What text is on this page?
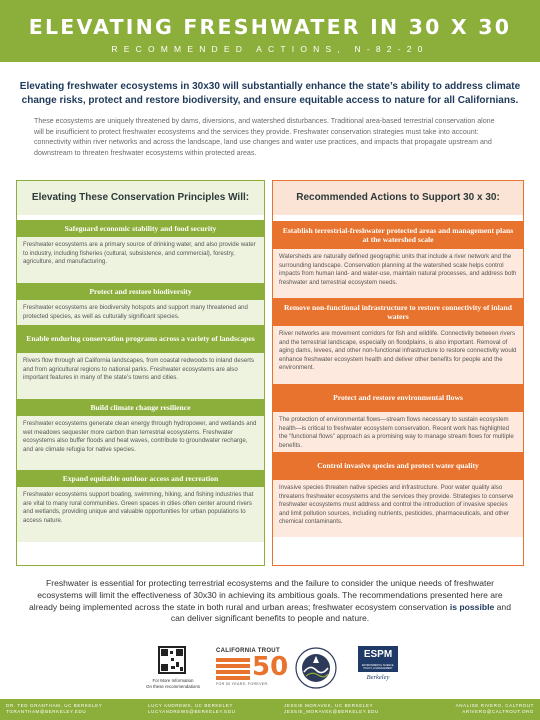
ELEVATING FRESHWATER IN 30 X 30
RECOMMENDED ACTIONS, N-82-20

Elevating freshwater ecosystems in 30x30 will substantially enhance the state’s ability to address climate change risks, protect and restore biodiversity, and ensure equitable access to nature for all Californians.

These ecosystems are uniquely threatened by dams, diversions, and watershed disturbances. Traditional area-based terrestrial conservation alone will be insufficient to protect freshwater ecosystems and the services they provide. Freshwater conservation strategies must take into account: connectivity within river networks and across the landscape, land use changes and water use practices, and impacts that propagate upstream and downstream to threaten freshwater ecosystems within protected areas.

Elevating These Conservation Principles Will:
Safeguard economic stability and food security
Freshwater ecosystems are a primary source of drinking water, and also provide water to industry, including fisheries (cultural, subsistence, and commercial), forestry, agriculture, and manufacturing.
Protect and restore biodiversity
Freshwater ecosystems are biodiversity hotspots and support many threatened and protected species, as well as culturally significant species.
Enable enduring conservation programs across a variety of landscapes
Rivers flow through all California landscapes, from coastal redwoods to inland deserts and from agricultural regions to national parks. Freshwater ecosystems are also important features in many of the state’s towns and cities.
Build climate change resilience
Freshwater ecosystems generate clean energy through hydropower, and wetlands and wet meadows sequester more carbon than terrestrial ecosystems. Freshwater ecosystems also buffer floods and heat waves, contribute to groundwater recharge, and are climate refugia for native species.
Expand equitable outdoor access and recreation
Freshwater ecosystems support boating, swimming, hiking, and fishing industries that are vital to many rural communities. Green spaces in cities often center around rivers and wetlands, providing unique and valuable opportunities for urban populations to access nature.
Recommended Actions to Support 30 x 30:
Establish terrestrial-freshwater protected areas and management plans at the watershed scale
Watersheds are naturally defined geographic units that include a river network and the surrounding landscape. Conservation planning at the watershed scale helps control impacts from human land- and water-use, maintain natural processes, and address both freshwater and terrestrial ecosystem needs.
Remove non-functional infrastructure to restore connectivity of inland waters
River networks are movement corridors for fish and wildlife. Connectivity between rivers and the terrestrial landscape, especially on floodplains, is also important. Removal of aging dams, levees, and other non-functional infrastructure to restore connectivity would enhance freshwater ecosystem health and deliver other benefits for people and the environment.
Protect and restore environmental flows
The protection of environmental flows—stream flows necessary to sustain ecosystem health—is critical to freshwater ecosystem conservation. Recent work has highlighted the “functional flows” approach as a promising way to manage stream flows for multiple benefits.
Control invasive species and protect water quality
Invasive species threaten native species and infrastructure. Poor water quality also threatens freshwater ecosystems and the services they provide. Strategies to conserve freshwater ecosystems must address and control the introduction of invasive species and limit pollution sources, including nutrients, pesticides, pharmaceuticals, and other chemical contaminants.

Freshwater is essential for protecting terrestrial ecosystems and the failure to consider the unique needs of freshwater ecosystems will limit the effectiveness of 30x30 in achieving its ambitious goals. The recommendations presented here are already being implemented across the state in both rural and urban areas; freshwater ecosystem conservation is possible and can deliver significant benefits to people and nature.

For More Information
On these recommendations
CALIFORNIA TROUT
50
FOR 50 YEARS. FOREVER.
ESPM
ENVIRONMENTAL SCIENCE, POLICY, & MANAGEMENT
Berkeley
DR. TED GRANTHAM, UC BERKELEY
TGRANTHAM@BERKELEY.EDU
LUCY ANDREWS, UC BERKELEY
LUCYANDREWS@BERKELEY.EDU
JESSIE MORAVEK, UC BERKELEY
JESSIE_MORAVEK@BERKELEY.EDU
ANALISE RIVERO, CALTROUT
ARIVERO@CALTROUT.ORG
